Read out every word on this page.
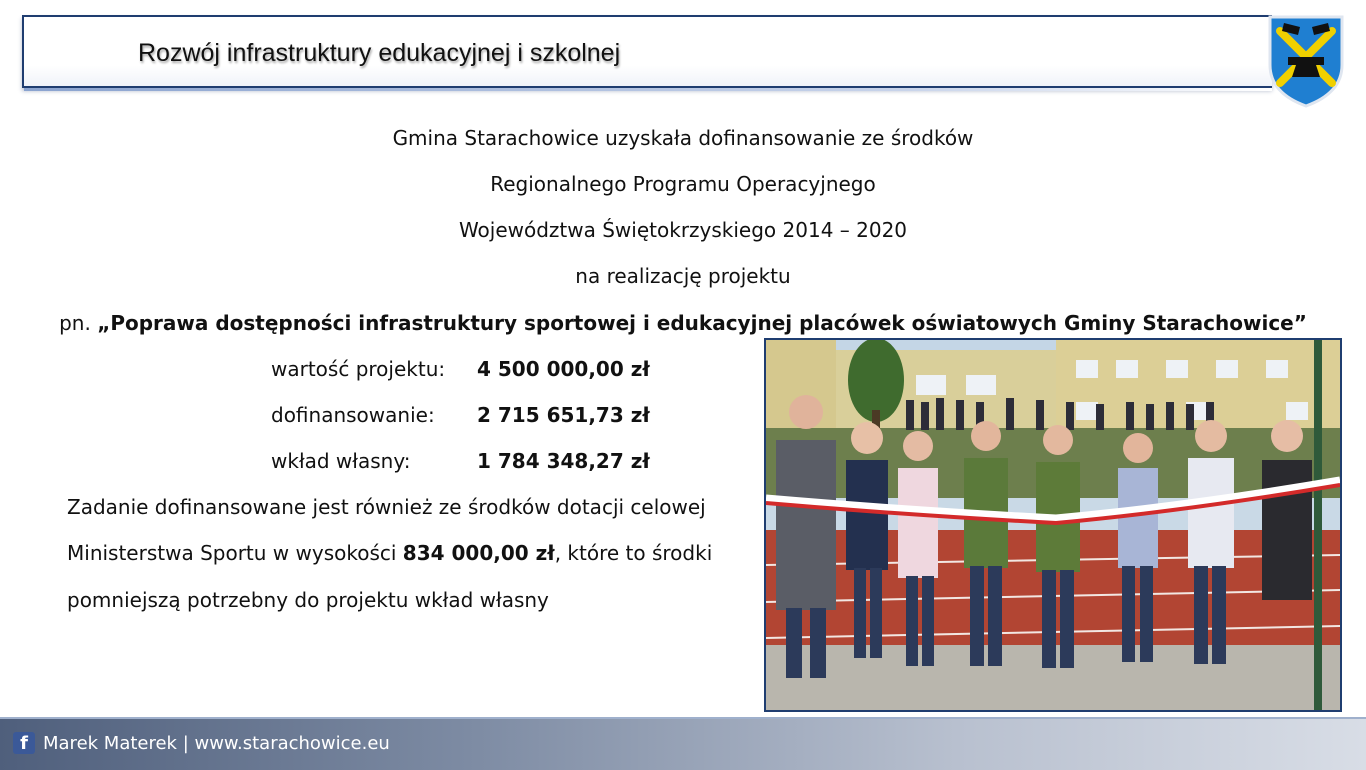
Rozwój infrastruktury edukacyjnej i szkolnej
Gmina Starachowice uzyskała dofinansowanie ze środków
Regionalnego Programu Operacyjnego
Województwa Świętokrzyskiego 2014 – 2020
na realizację projektu
pn. „Poprawa dostępności infrastruktury sportowej i edukacyjnej placówek oświatowych Gminy Starachowice”
wartość projektu: 4 500 000,00 zł
dofinansowanie: 2 715 651,73 zł
wkład własny:	1 784 348,27 zł
Zadanie dofinansowane jest również ze środków dotacji celowej
Ministerstwa Sportu w wysokości 834 000,00 zł, które to środki
pomniejszą potrzebny do projektu wkład własny
f Marek Materek | www.starachowice.eu
